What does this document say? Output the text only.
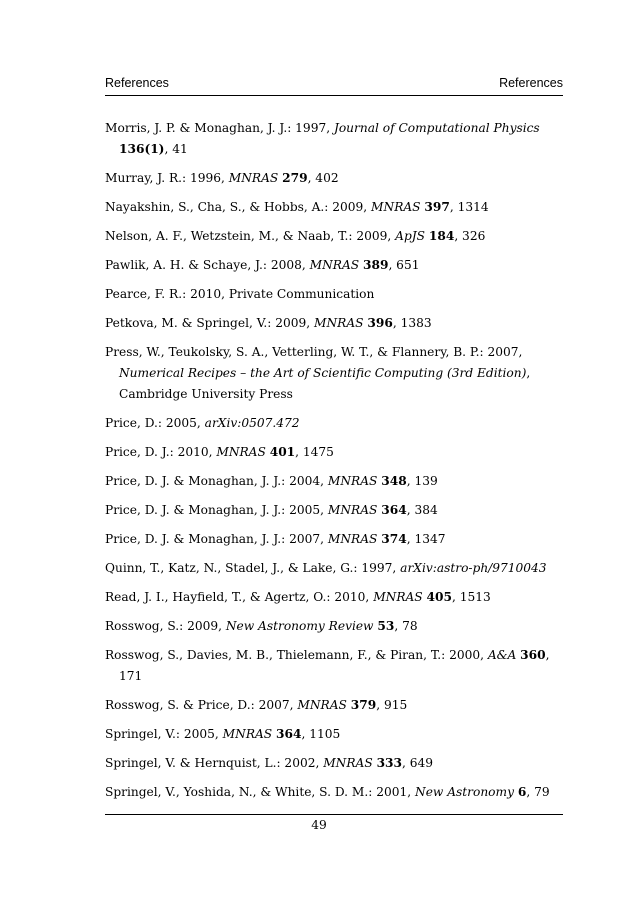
References	References

Morris, J. P. & Monaghan, J. J.: 1997, Journal of Computational Physics 136(1), 41

Murray, J. R.: 1996, MNRAS 279, 402

Nayakshin, S., Cha, S., & Hobbs, A.: 2009, MNRAS 397, 1314

Nelson, A. F., Wetzstein, M., & Naab, T.: 2009, ApJS 184, 326

Pawlik, A. H. & Schaye, J.: 2008, MNRAS 389, 651

Pearce, F. R.: 2010, Private Communication

Petkova, M. & Springel, V.: 2009, MNRAS 396, 1383

Press, W., Teukolsky, S. A., Vetterling, W. T., & Flannery, B. P.: 2007, Numerical Recipes – the Art of Scientific Computing (3rd Edition), Cambridge University Press

Price, D.: 2005, arXiv:0507.472

Price, D. J.: 2010, MNRAS 401, 1475

Price, D. J. & Monaghan, J. J.: 2004, MNRAS 348, 139

Price, D. J. & Monaghan, J. J.: 2005, MNRAS 364, 384

Price, D. J. & Monaghan, J. J.: 2007, MNRAS 374, 1347

Quinn, T., Katz, N., Stadel, J., & Lake, G.: 1997, arXiv:astro-ph/9710043

Read, J. I., Hayfield, T., & Agertz, O.: 2010, MNRAS 405, 1513

Rosswog, S.: 2009, New Astronomy Review 53, 78

Rosswog, S., Davies, M. B., Thielemann, F., & Piran, T.: 2000, A&A 360, 171

Rosswog, S. & Price, D.: 2007, MNRAS 379, 915

Springel, V.: 2005, MNRAS 364, 1105

Springel, V. & Hernquist, L.: 2002, MNRAS 333, 649

Springel, V., Yoshida, N., & White, S. D. M.: 2001, New Astronomy 6, 79

49
